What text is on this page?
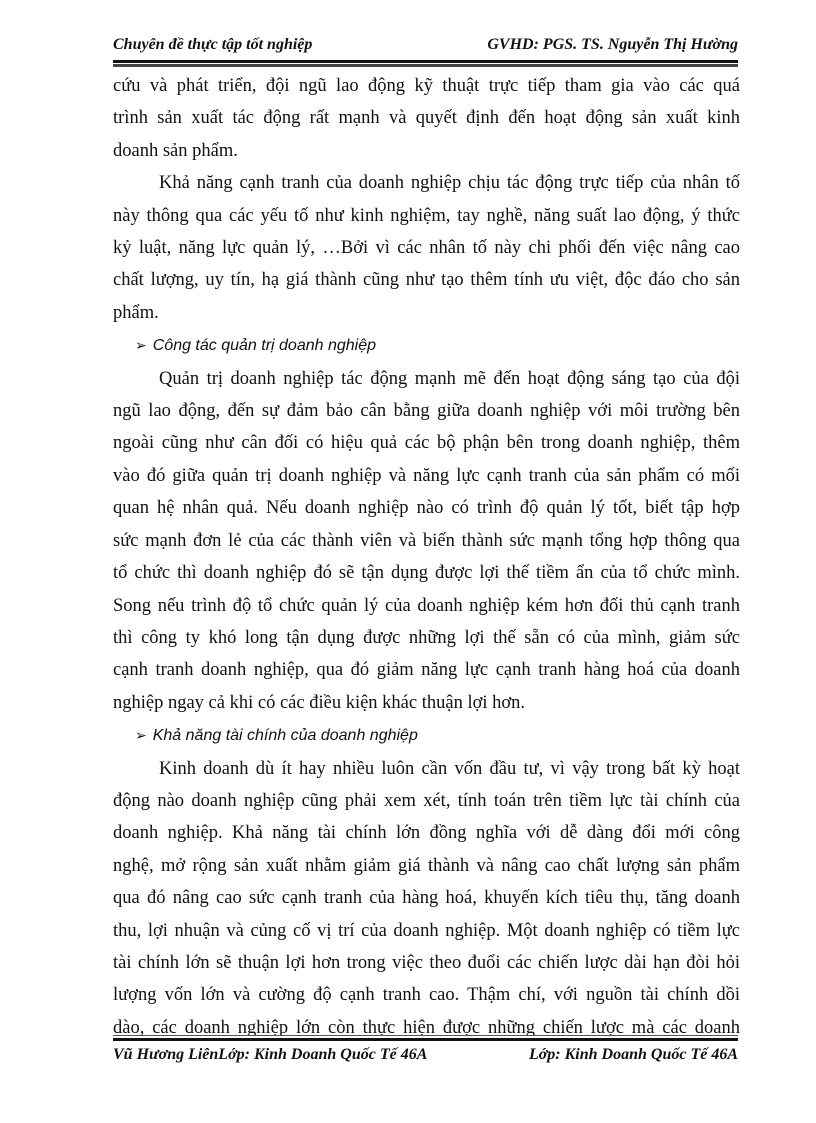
Chuyên đề thực tập tốt nghiệp	GVHD: PGS. TS. Nguyễn Thị Hường
cứu và phát triển, đội ngũ lao động kỹ thuật trực tiếp tham gia vào các quá
trình sản xuất tác động rất mạnh và quyết định đến hoạt động sản xuất kinh
doanh sản phẩm.
Khả năng cạnh tranh của doanh nghiệp chịu tác động trực tiếp của nhân tố
này thông qua các yếu tố như kinh nghiệm, tay nghề, năng suất lao động, ý thức
kỷ luật, năng lực quản lý, …Bởi vì các nhân tố này chi phối đến việc nâng cao
chất lượng, uy tín, hạ giá thành cũng như tạo thêm tính ưu việt, độc đáo cho sản
phẩm.
➢ Công tác quản trị doanh nghiệp
Quản trị doanh nghiệp tác động mạnh mẽ đến hoạt động sáng tạo của đội
ngũ lao động, đến sự đảm bảo cân bằng giữa doanh nghiệp với môi trường bên
ngoài cũng như cân đối có hiệu quả các bộ phận bên trong doanh nghiệp, thêm
vào đó giữa quản trị doanh nghiệp và năng lực cạnh tranh của sản phẩm có mối
quan hệ nhân quả. Nếu doanh nghiệp nào có trình độ quản lý tốt, biết tập hợp
sức mạnh đơn lẻ của các thành viên và biến thành sức mạnh tổng hợp thông qua
tổ chức thì doanh nghiệp đó sẽ tận dụng được lợi thế tiềm ẩn của tổ chức mình.
Song nếu trình độ tổ chức quản lý của doanh nghiệp kém hơn đối thủ cạnh tranh
thì công ty khó long tận dụng được những lợi thế sẵn có của mình, giảm sức
cạnh tranh doanh nghiệp, qua đó giảm năng lực cạnh tranh hàng hoá của doanh
nghiệp ngay cả khi có các điều kiện khác thuận lợi hơn.
➢ Khả năng tài chính của doanh nghiệp
Kinh doanh dù ít hay nhiều luôn cần vốn đầu tư, vì vậy trong bất kỳ hoạt
động nào doanh nghiệp cũng phải xem xét, tính toán trên tiềm lực tài chính của
doanh nghiệp. Khả năng tài chính lớn đồng nghĩa với dễ dàng đổi mới công
nghệ, mở rộng sản xuất nhằm giảm giá thành và nâng cao chất lượng sản phẩm
qua đó nâng cao sức cạnh tranh của hàng hoá, khuyến kích tiêu thụ, tăng doanh
thu, lợi nhuận và củng cố vị trí của doanh nghiệp. Một doanh nghiệp có tiềm lực
tài chính lớn sẽ thuận lợi hơn trong việc theo đuổi các chiến lược dài hạn đòi hỏi
lượng vốn lớn và cường độ cạnh tranh cao. Thậm chí, với nguồn tài chính dồi
dào, các doanh nghiệp lớn còn thực hiện được những chiến lược mà các doanh
Vũ Hương LiênLớp: Kinh Doanh Quốc Tế 46A	Lớp: Kinh Doanh Quốc Tế 46A
